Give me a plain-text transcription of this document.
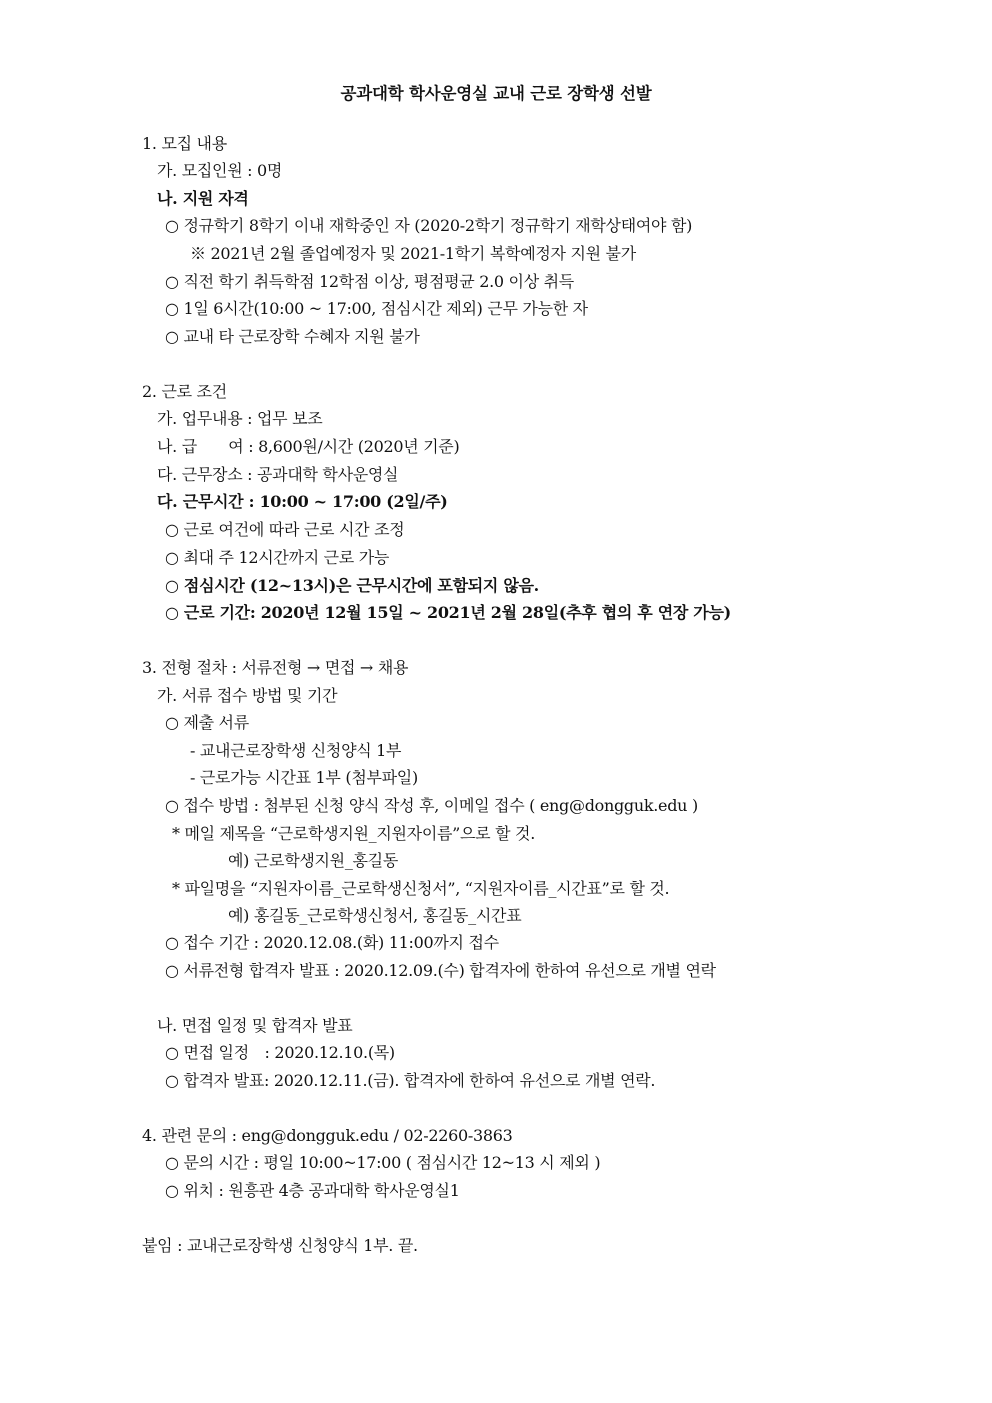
공과대학 학사운영실 교내 근로 장학생 선발
1. 모집 내용
가. 모집인원 : 0명
나. 지원 자격
○ 정규학기 8학기 이내 재학중인 자 (2020-2학기 정규학기 재학상태여야 함)
※ 2021년 2월 졸업예정자 및 2021-1학기 복학예정자 지원 불가
○ 직전 학기 취득학점 12학점 이상, 평점평균 2.0 이상 취득
○ 1일 6시간(10:00 ~ 17:00, 점심시간 제외) 근무 가능한 자
○ 교내 타 근로장학 수혜자 지원 불가
2. 근로 조건
가. 업무내용 : 업무 보조
나. 급　　여 : 8,600원/시간 (2020년 기준)
다. 근무장소 : 공과대학 학사운영실
다. 근무시간 : 10:00 ~ 17:00 (2일/주)
○ 근로 여건에 따라 근로 시간 조정
○ 최대 주 12시간까지 근로 가능
○ 점심시간 (12~13시)은 근무시간에 포함되지 않음.
○ 근로 기간: 2020년 12월 15일 ~ 2021년 2월 28일(추후 협의 후 연장 가능)
3. 전형 절차 : 서류전형 → 면접 → 채용
가. 서류 접수 방법 및 기간
○ 제출 서류
- 교내근로장학생 신청양식 1부
- 근로가능 시간표 1부 (첨부파일)
○ 접수 방법 : 첨부된 신청 양식 작성 후, 이메일 접수 ( eng@dongguk.edu )
* 메일 제목을 “근로학생지원_지원자이름”으로 할 것.
예) 근로학생지원_홍길동
* 파일명을 “지원자이름_근로학생신청서”, “지원자이름_시간표”로 할 것.
예) 홍길동_근로학생신청서, 홍길동_시간표
○ 접수 기간 : 2020.12.08.(화) 11:00까지 접수
○ 서류전형 합격자 발표 : 2020.12.09.(수) 합격자에 한하여 유선으로 개별 연락
나. 면접 일정 및 합격자 발표
○ 면접 일정　: 2020.12.10.(목)
○ 합격자 발표: 2020.12.11.(금). 합격자에 한하여 유선으로 개별 연락.
4. 관련 문의 : eng@dongguk.edu / 02-2260-3863
○ 문의 시간 : 평일 10:00~17:00 ( 점심시간 12~13 시 제외 )
○ 위치 : 원흥관 4층 공과대학 학사운영실1
붙임 : 교내근로장학생 신청양식 1부. 끝.
